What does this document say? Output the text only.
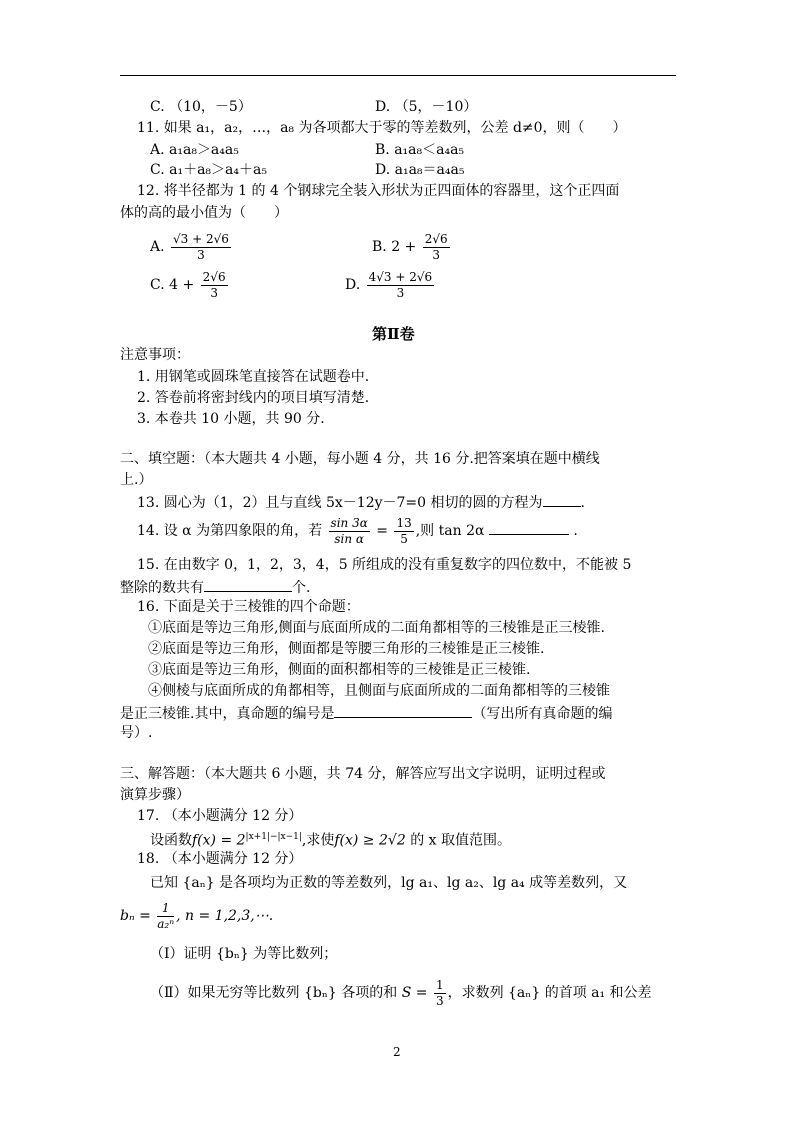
C. （10，－5）	D. （5，－10）
11. 如果 a₁，a₂，…，a₈ 为各项都大于零的等差数列，公差 d≠0，则（　　）
A. a₁a₈＞a₄a₅	B. a₁a₈＜a₄a₅
C. a₁＋a₈＞a₄＋a₅	D. a₁a₈＝a₄a₅
12. 将半径都为 1 的 4 个钢球完全装入形状为正四面体的容器里，这个正四面
体的高的最小值为（　　）
A. $\frac{√3 + 2√6}{3}$	B. $2 + \frac{2√6}{3}$
C. $4 + \frac{2√6}{3}$	D. $\frac{4√3 + 2√6}{3}$
第Ⅱ卷
注意事项：
1. 用钢笔或圆珠笔直接答在试题卷中.
2. 答卷前将密封线内的项目填写清楚.
3. 本卷共 10 小题，共 90 分.
二、填空题：（本大题共 4 小题，每小题 4 分，共 16 分.把答案填在题中横线
上.）
13. 圆心为（1，2）且与直线 5x－12y－7=0 相切的圆的方程为	.
14. 设 α 为第四象限的角，若 $\frac{\sin 3\alpha}{\text{sin α}} = \frac{13}{5}$ ,则 tan 2α	.
15. 在由数字 0，1，2，3，4，5 所组成的没有重复数字的四位数中，不能被 5
整除的数共有	个.
16. 下面是关于三棱锥的四个命题：
①底面是等边三角形,侧面与底面所成的二面角都相等的三棱锥是正三棱锥.
②底面是等边三角形，侧面都是等腰三角形的三棱锥是正三棱锥.
③底面是等边三角形，侧面的面积都相等的三棱锥是正三棱锥.
④侧棱与底面所成的角都相等，且侧面与底面所成的二面角都相等的三棱锥
是正三棱锥.其中，真命题的编号是	（写出所有真命题的编
号）.
三、解答题：（本大题共 6 小题，共 74 分，解答应写出文字说明，证明过程或
演算步骤）
17. （本小题满分 12 分）
设函数$f(x) = 2^{|x+1|-|x-1|}$,求使f(x) ≥ 2√2 的 x 取值范围。
18. （本小题满分 12 分）
已知 {aₙ} 是各项均为正数的等差数列，lg a₁、lg a₂、lg a₄ 成等差数列，又
$b_n = \frac{1}{\text{a₂ⁿ}}$ , n = 1,2,3,⋯.
（Ⅰ）证明 {bₙ} 为等比数列；
（Ⅱ）如果无穷等比数列 {bₙ} 各项的和 $S = \frac{1}{3}$ ，求数列 {aₙ} 的首项 a₁ 和公差
2
